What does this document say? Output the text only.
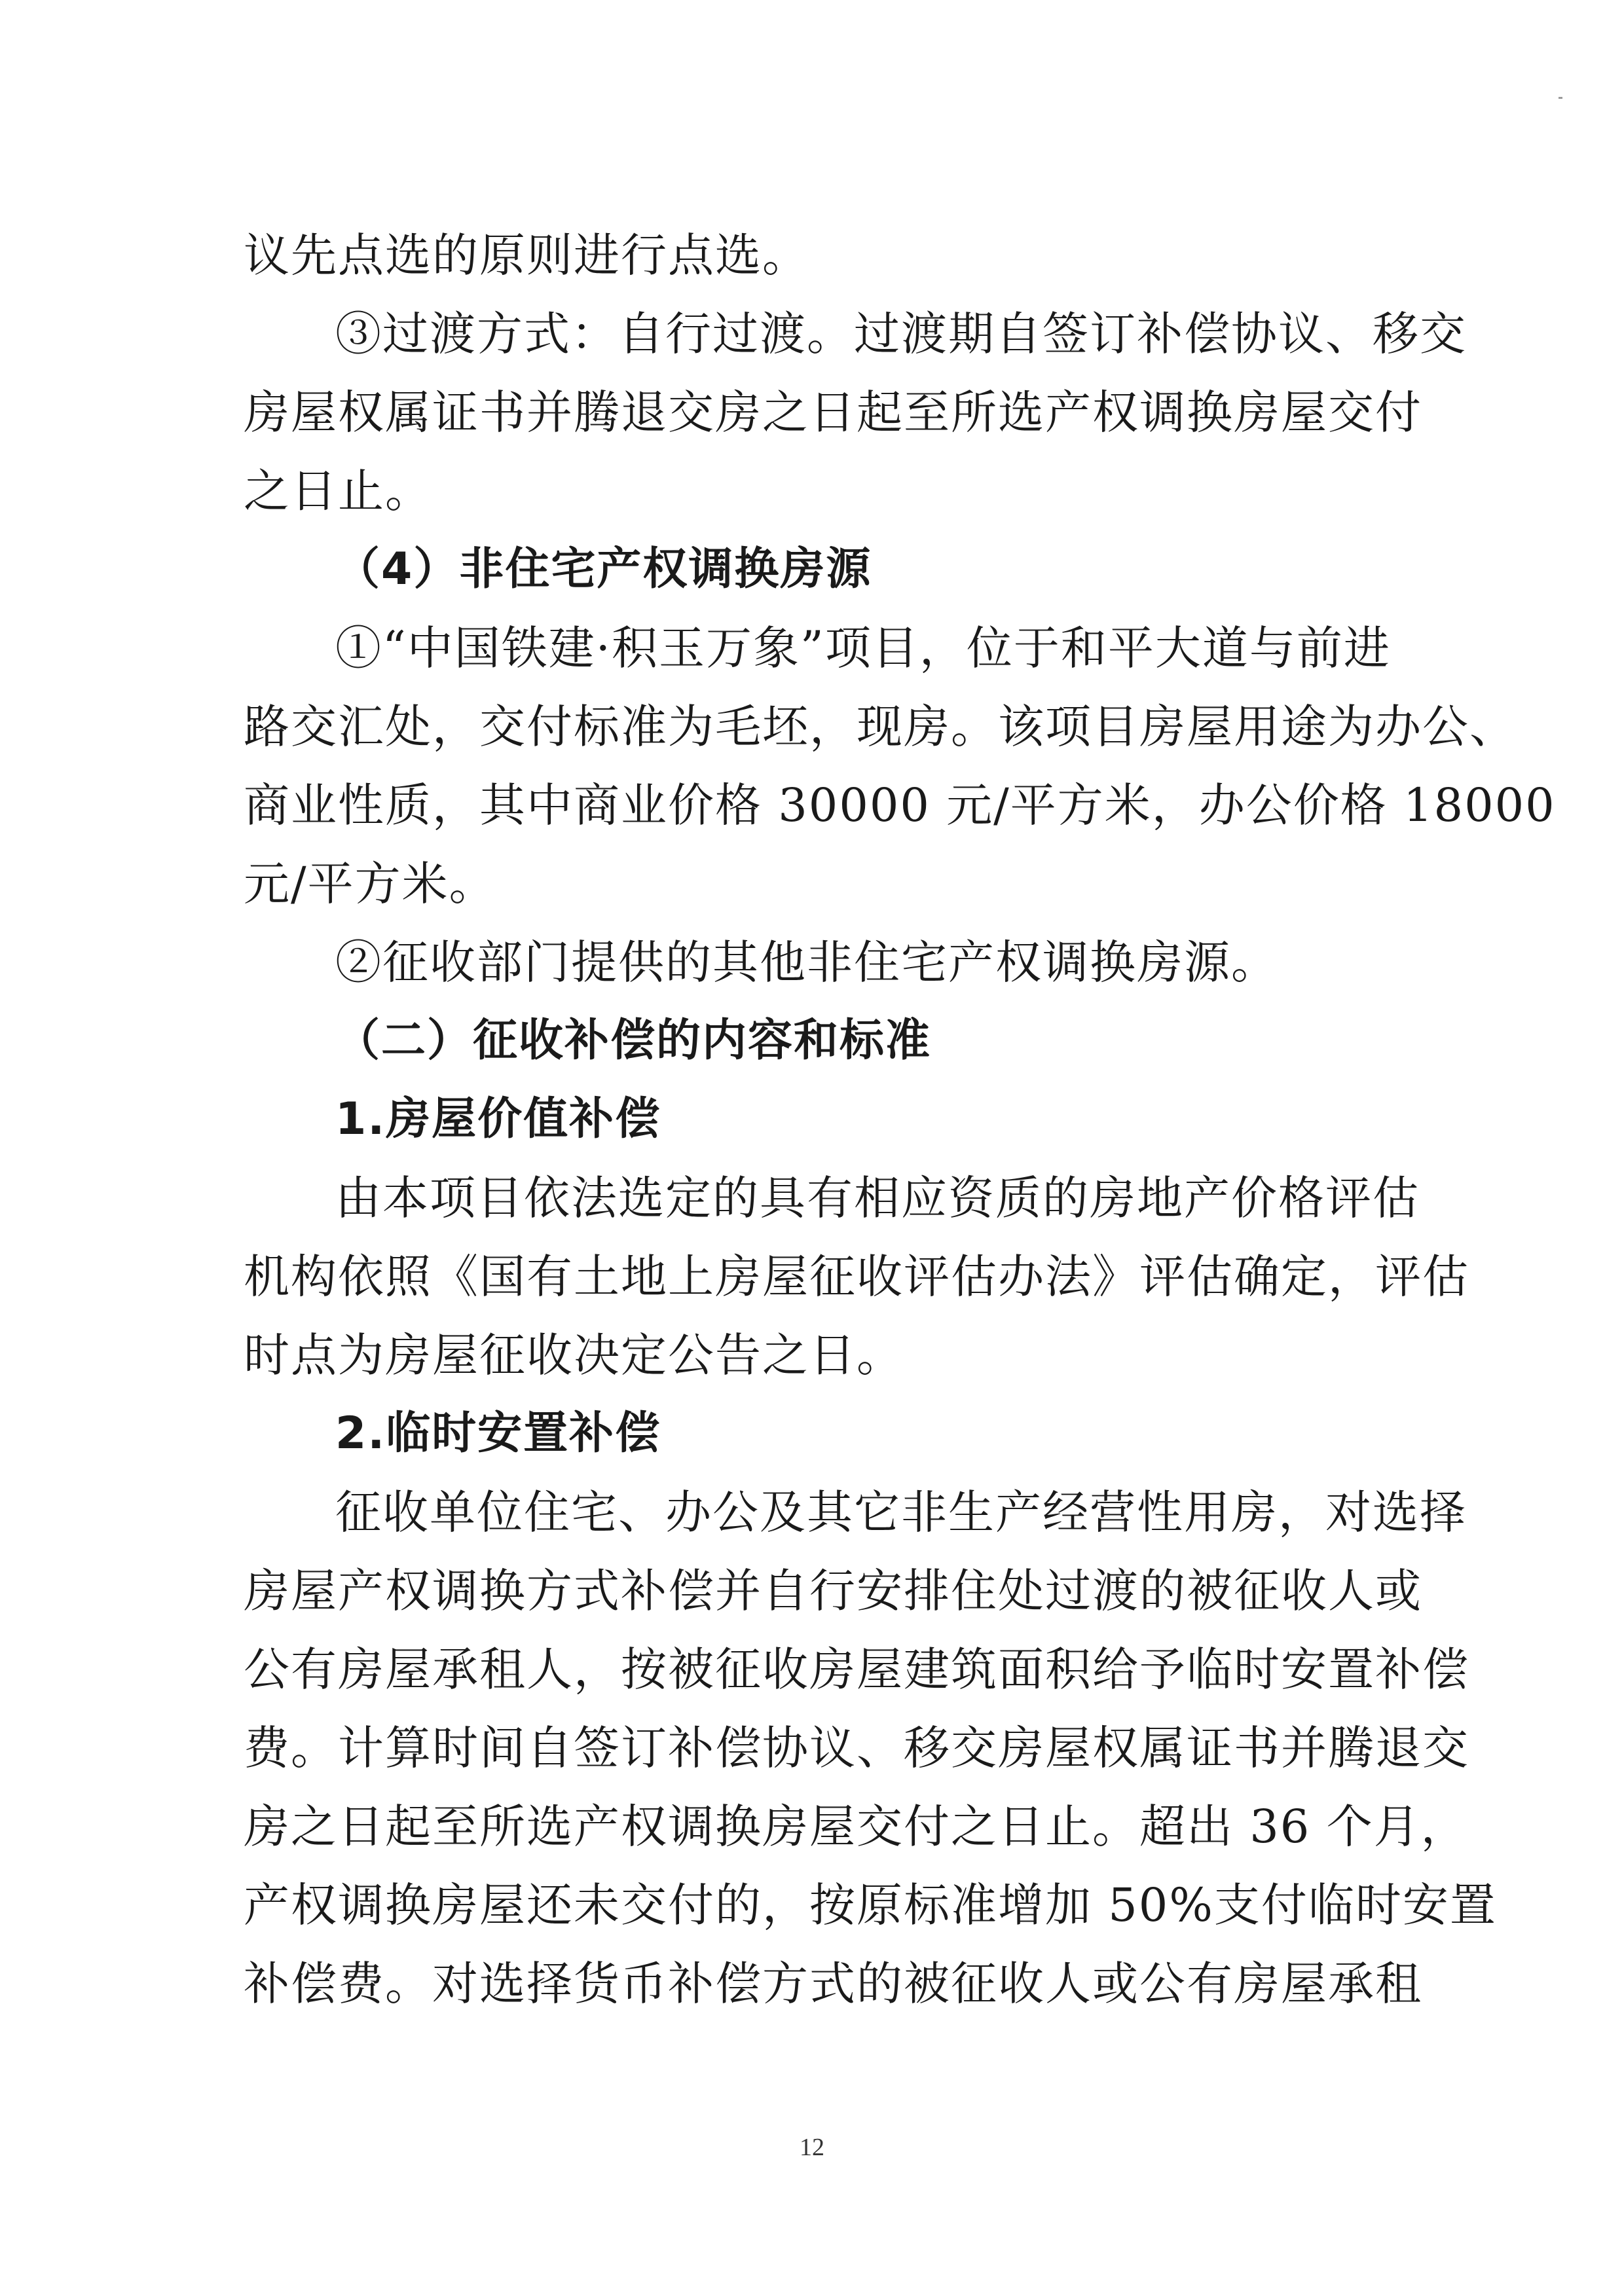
议先点选的原则进行点选。
③过渡方式：自行过渡。过渡期自签订补偿协议、移交
房屋权属证书并腾退交房之日起至所选产权调换房屋交付
之日止。
（4）非住宅产权调换房源
①“中国铁建·积玉万象”项目，位于和平大道与前进
路交汇处，交付标准为毛坯，现房。该项目房屋用途为办公、
商业性质，其中商业价格 30000 元/平方米，办公价格 18000
元/平方米。
②征收部门提供的其他非住宅产权调换房源。
（二）征收补偿的内容和标准
1.房屋价值补偿
由本项目依法选定的具有相应资质的房地产价格评估
机构依照《国有土地上房屋征收评估办法》评估确定，评估
时点为房屋征收决定公告之日。
2.临时安置补偿
征收单位住宅、办公及其它非生产经营性用房，对选择
房屋产权调换方式补偿并自行安排住处过渡的被征收人或
公有房屋承租人，按被征收房屋建筑面积给予临时安置补偿
费。计算时间自签订补偿协议、移交房屋权属证书并腾退交
房之日起至所选产权调换房屋交付之日止。超出 36 个月，
产权调换房屋还未交付的，按原标准增加 50%支付临时安置
补偿费。对选择货币补偿方式的被征收人或公有房屋承租
12
